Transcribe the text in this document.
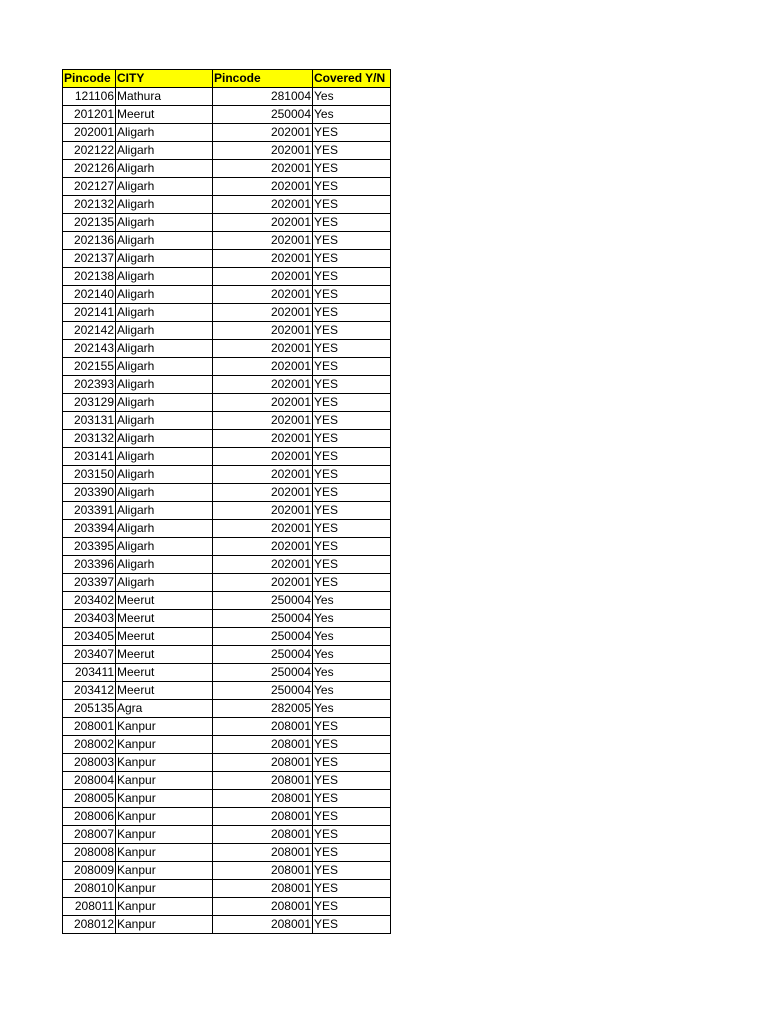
Pincode	CITY	Pincode	Covered Y/N
121106	Mathura	281004	Yes
201201	Meerut	250004	Yes
202001	Aligarh	202001	YES
202122	Aligarh	202001	YES
202126	Aligarh	202001	YES
202127	Aligarh	202001	YES
202132	Aligarh	202001	YES
202135	Aligarh	202001	YES
202136	Aligarh	202001	YES
202137	Aligarh	202001	YES
202138	Aligarh	202001	YES
202140	Aligarh	202001	YES
202141	Aligarh	202001	YES
202142	Aligarh	202001	YES
202143	Aligarh	202001	YES
202155	Aligarh	202001	YES
202393	Aligarh	202001	YES
203129	Aligarh	202001	YES
203131	Aligarh	202001	YES
203132	Aligarh	202001	YES
203141	Aligarh	202001	YES
203150	Aligarh	202001	YES
203390	Aligarh	202001	YES
203391	Aligarh	202001	YES
203394	Aligarh	202001	YES
203395	Aligarh	202001	YES
203396	Aligarh	202001	YES
203397	Aligarh	202001	YES
203402	Meerut	250004	Yes
203403	Meerut	250004	Yes
203405	Meerut	250004	Yes
203407	Meerut	250004	Yes
203411	Meerut	250004	Yes
203412	Meerut	250004	Yes
205135	Agra	282005	Yes
208001	Kanpur	208001	YES
208002	Kanpur	208001	YES
208003	Kanpur	208001	YES
208004	Kanpur	208001	YES
208005	Kanpur	208001	YES
208006	Kanpur	208001	YES
208007	Kanpur	208001	YES
208008	Kanpur	208001	YES
208009	Kanpur	208001	YES
208010	Kanpur	208001	YES
208011	Kanpur	208001	YES
208012	Kanpur	208001	YES
